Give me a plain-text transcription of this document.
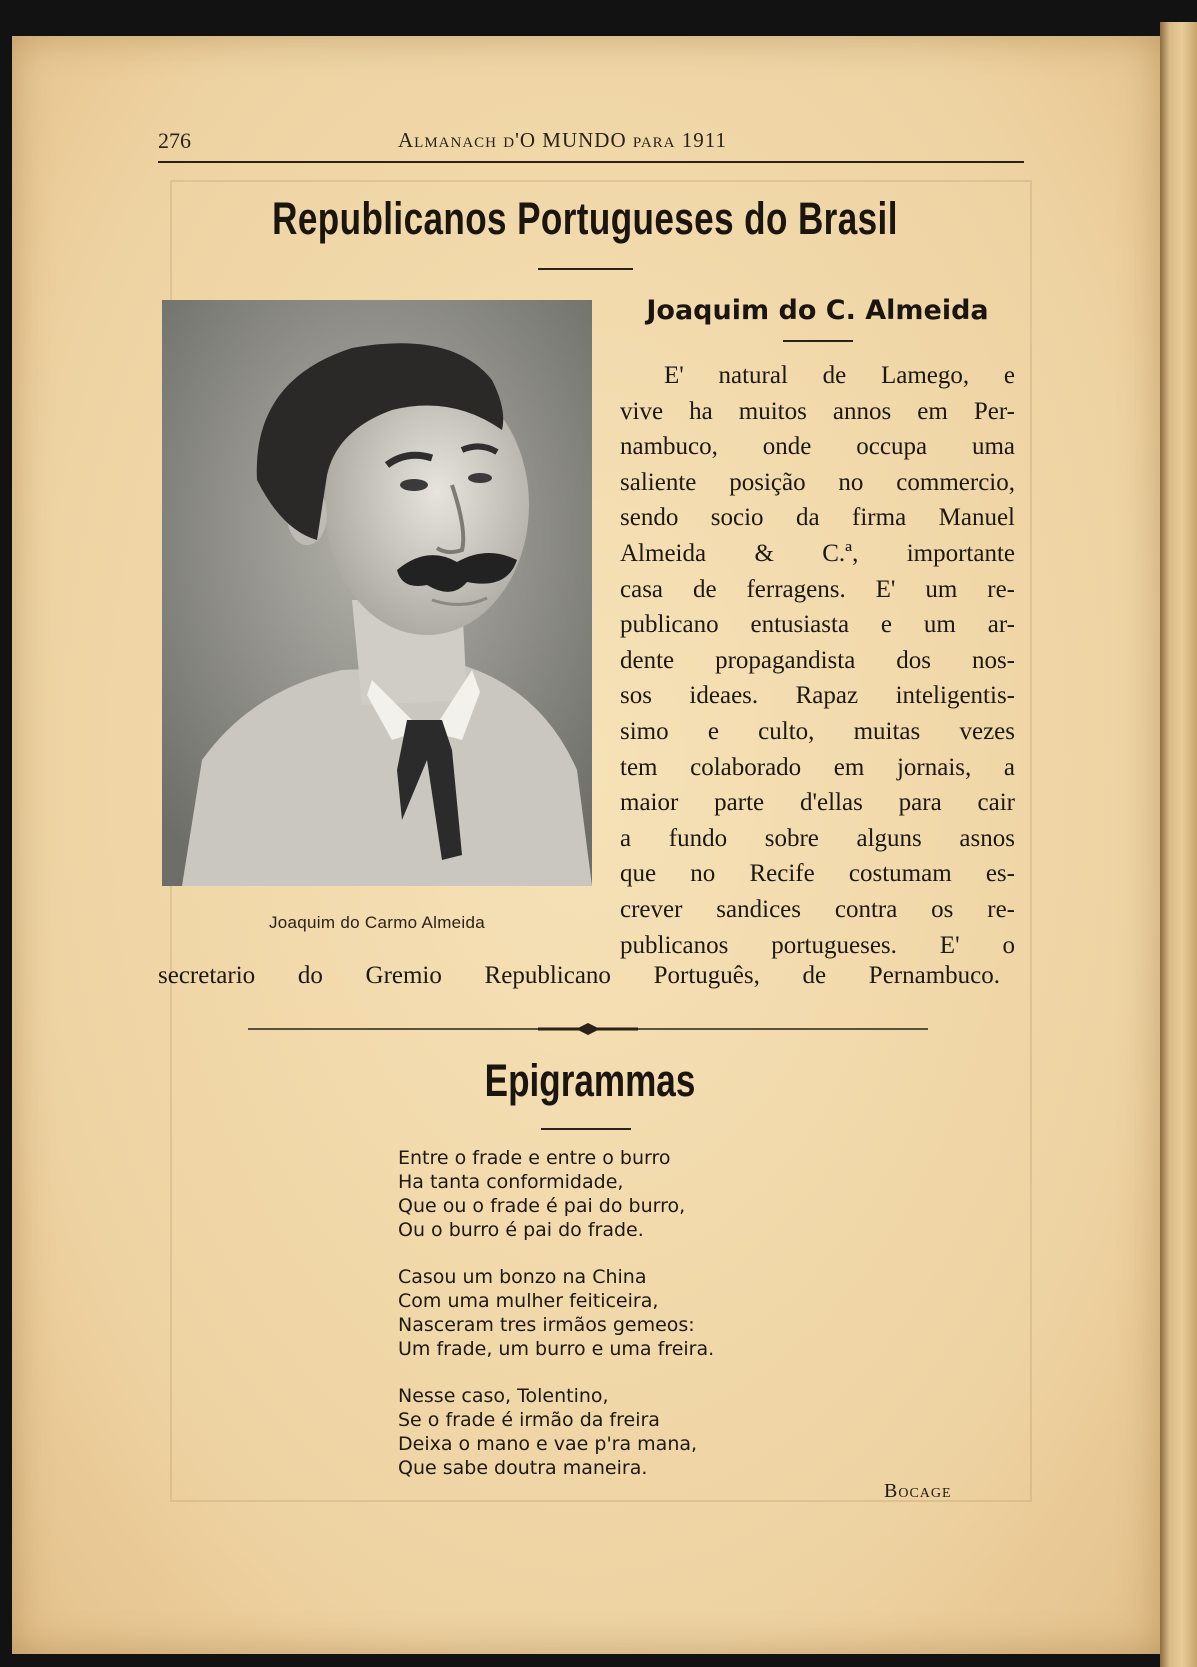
276	Almanach d'O MUNDO para 1911
Republicanos Portugueses do Brasil
Joaquim do Carmo Almeida
Joaquim do C. Almeida
E' natural de Lamego, e
vive ha muitos annos em Per-
nambuco, onde occupa uma
saliente posição no commercio,
sendo socio da firma Manuel
Almeida & C.ª, importante
casa de ferragens. E' um re-
publicano entusiasta e um ar-
dente propagandista dos nos-
sos ideaes. Rapaz inteligentis-
simo e culto, muitas vezes
tem colaborado em jornais, a
maior parte d'ellas para cair
a fundo sobre alguns asnos
que no Recife costumam es-
crever sandices contra os re-
publicanos portugueses. E' o
secretario do Gremio Republicano Português, de Pernambuco.
Epigrammas
Entre o frade e entre o burro
Ha tanta conformidade,
Que ou o frade é pai do burro,
Ou o burro é pai do frade.
Casou um bonzo na China
Com uma mulher feiticeira,
Nasceram tres irmãos gemeos:
Um frade, um burro e uma freira.
Nesse caso, Tolentino,
Se o frade é irmão da freira
Deixa o mano e vae p'ra mana,
Que sabe doutra maneira.
Bocage
